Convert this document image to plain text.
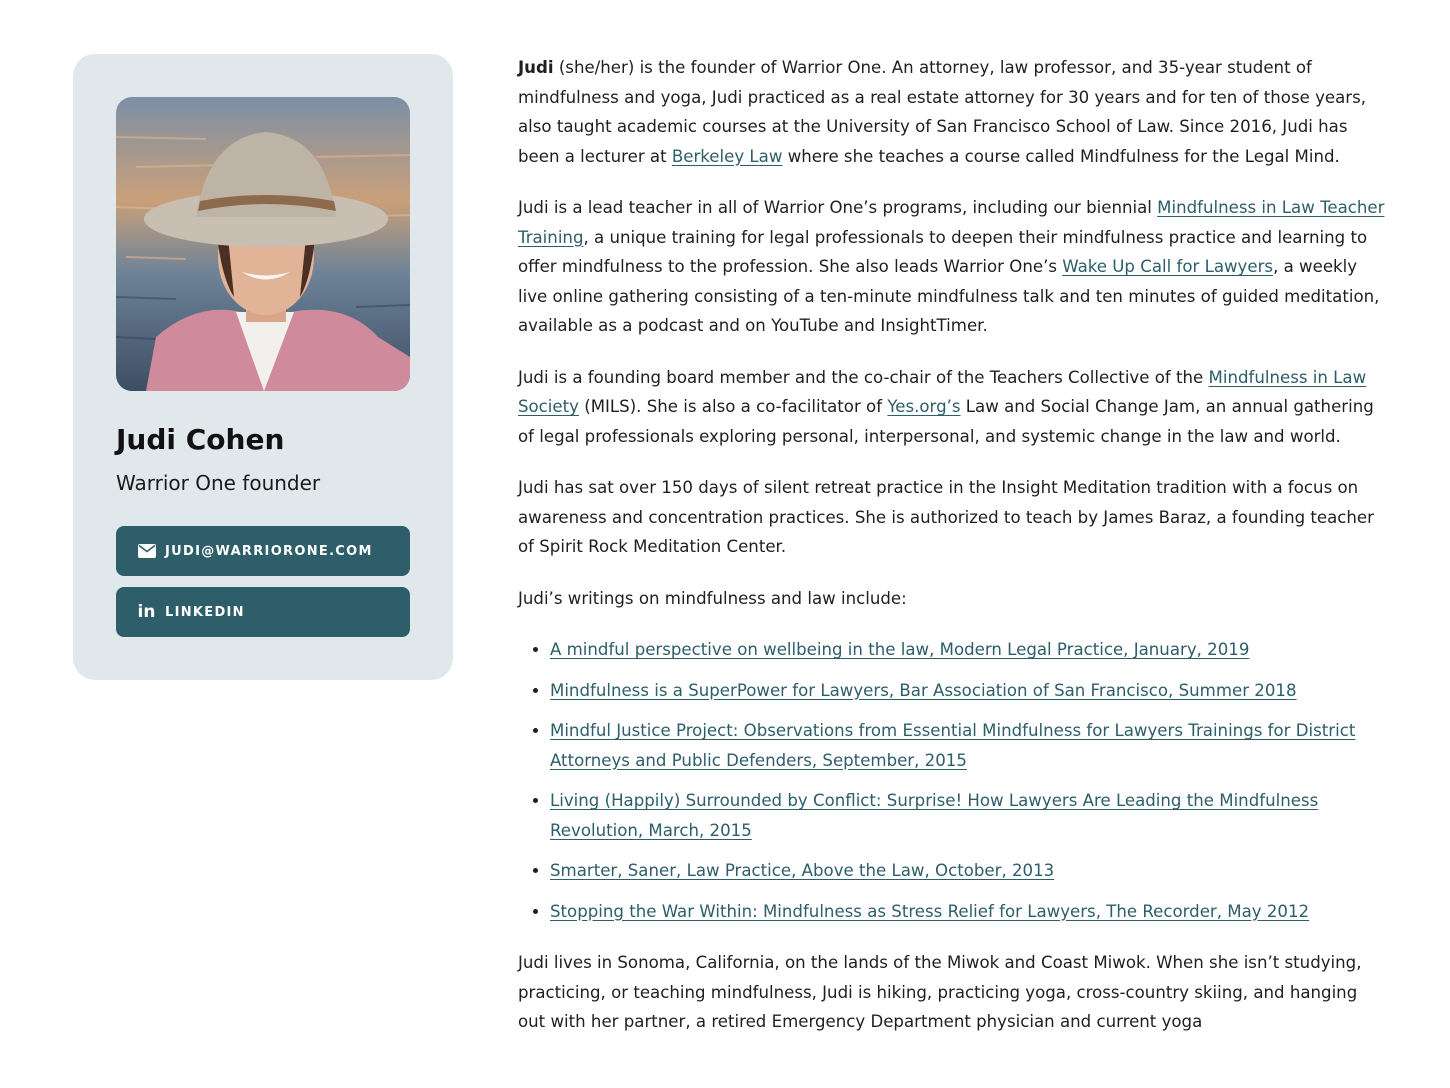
Judi Cohen

Warrior One founder

JUDI@WARRIORONE.COM
in LINKEDIN

Judi (she/her) is the founder of Warrior One. An attorney, law professor, and 35-year student of mindfulness and yoga, Judi practiced as a real estate attorney for 30 years and for ten of those years, also taught academic courses at the University of San Francisco School of Law. Since 2016, Judi has been a lecturer at Berkeley Law where she teaches a course called Mindfulness for the Legal Mind.

Judi is a lead teacher in all of Warrior One’s programs, including our biennial Mindfulness in Law Teacher Training, a unique training for legal professionals to deepen their mindfulness practice and learning to offer mindfulness to the profession. She also leads Warrior One’s Wake Up Call for Lawyers, a weekly live online gathering consisting of a ten-minute mindfulness talk and ten minutes of guided meditation, available as a podcast and on YouTube and InsightTimer.

Judi is a founding board member and the co-chair of the Teachers Collective of the Mindfulness in Law Society (MILS). She is also a co-facilitator of Yes.org’s Law and Social Change Jam, an annual gathering of legal professionals exploring personal, interpersonal, and systemic change in the law and world.

Judi has sat over 150 days of silent retreat practice in the Insight Meditation tradition with a focus on awareness and concentration practices. She is authorized to teach by James Baraz, a founding teacher of Spirit Rock Meditation Center.

Judi’s writings on mindfulness and law include:

• A mindful perspective on wellbeing in the law, Modern Legal Practice, January, 2019
• Mindfulness is a SuperPower for Lawyers, Bar Association of San Francisco, Summer 2018
• Mindful Justice Project: Observations from Essential Mindfulness for Lawyers Trainings for District Attorneys and Public Defenders, September, 2015
• Living (Happily) Surrounded by Conflict: Surprise! How Lawyers Are Leading the Mindfulness Revolution, March, 2015
• Smarter, Saner, Law Practice, Above the Law, October, 2013
• Stopping the War Within: Mindfulness as Stress Relief for Lawyers, The Recorder, May 2012

Judi lives in Sonoma, California, on the lands of the Miwok and Coast Miwok. When she isn’t studying, practicing, or teaching mindfulness, Judi is hiking, practicing yoga, cross-country skiing, and hanging out with her partner, a retired Emergency Department physician and current yoga
